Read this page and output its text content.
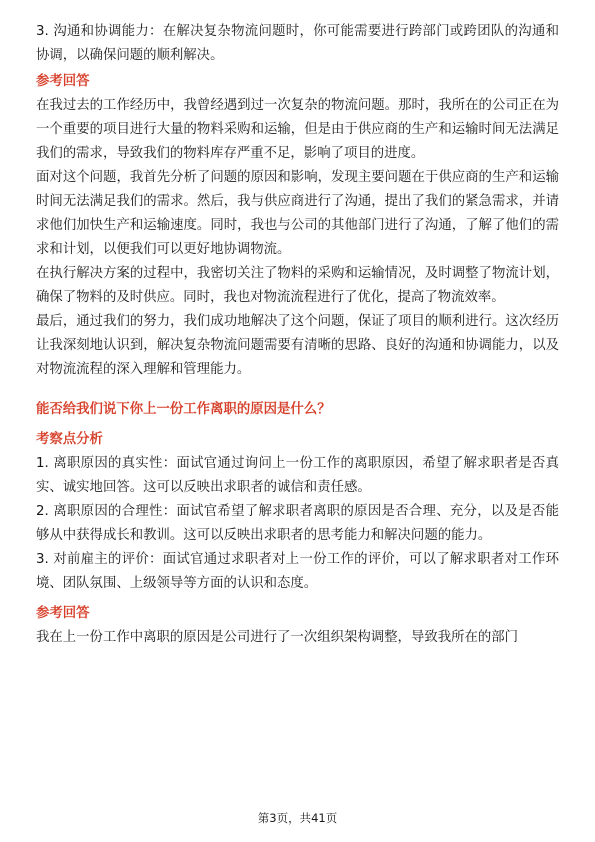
3. 沟通和协调能力：在解决复杂物流问题时，你可能需要进行跨部门或跨团队的沟通和协调，以确保问题的顺利解决。

参考回答

在我过去的工作经历中，我曾经遇到过一次复杂的物流问题。那时，我所在的公司正在为一个重要的项目进行大量的物料采购和运输，但是由于供应商的生产和运输时间无法满足我们的需求，导致我们的物料库存严重不足，影响了项目的进度。

面对这个问题，我首先分析了问题的原因和影响，发现主要问题在于供应商的生产和运输时间无法满足我们的需求。然后，我与供应商进行了沟通，提出了我们的紧急需求，并请求他们加快生产和运输速度。同时，我也与公司的其他部门进行了沟通，了解了他们的需求和计划，以便我们可以更好地协调物流。

在执行解决方案的过程中，我密切关注了物料的采购和运输情况，及时调整了物流计划，确保了物料的及时供应。同时，我也对物流流程进行了优化，提高了物流效率。

最后，通过我们的努力，我们成功地解决了这个问题，保证了项目的顺利进行。这次经历让我深刻地认识到，解决复杂物流问题需要有清晰的思路、良好的沟通和协调能力，以及对物流流程的深入理解和管理能力。

能否给我们说下你上一份工作离职的原因是什么？

考察点分析

1. 离职原因的真实性：面试官通过询问上一份工作的离职原因，希望了解求职者是否真实、诚实地回答。这可以反映出求职者的诚信和责任感。

2. 离职原因的合理性：面试官希望了解求职者离职的原因是否合理、充分，以及是否能够从中获得成长和教训。这可以反映出求职者的思考能力和解决问题的能力。

3. 对前雇主的评价：面试官通过求职者对上一份工作的评价，可以了解求职者对工作环境、团队氛围、上级领导等方面的认识和态度。

参考回答

我在上一份工作中离职的原因是公司进行了一次组织架构调整，导致我所在的部门

第3页，共41页
